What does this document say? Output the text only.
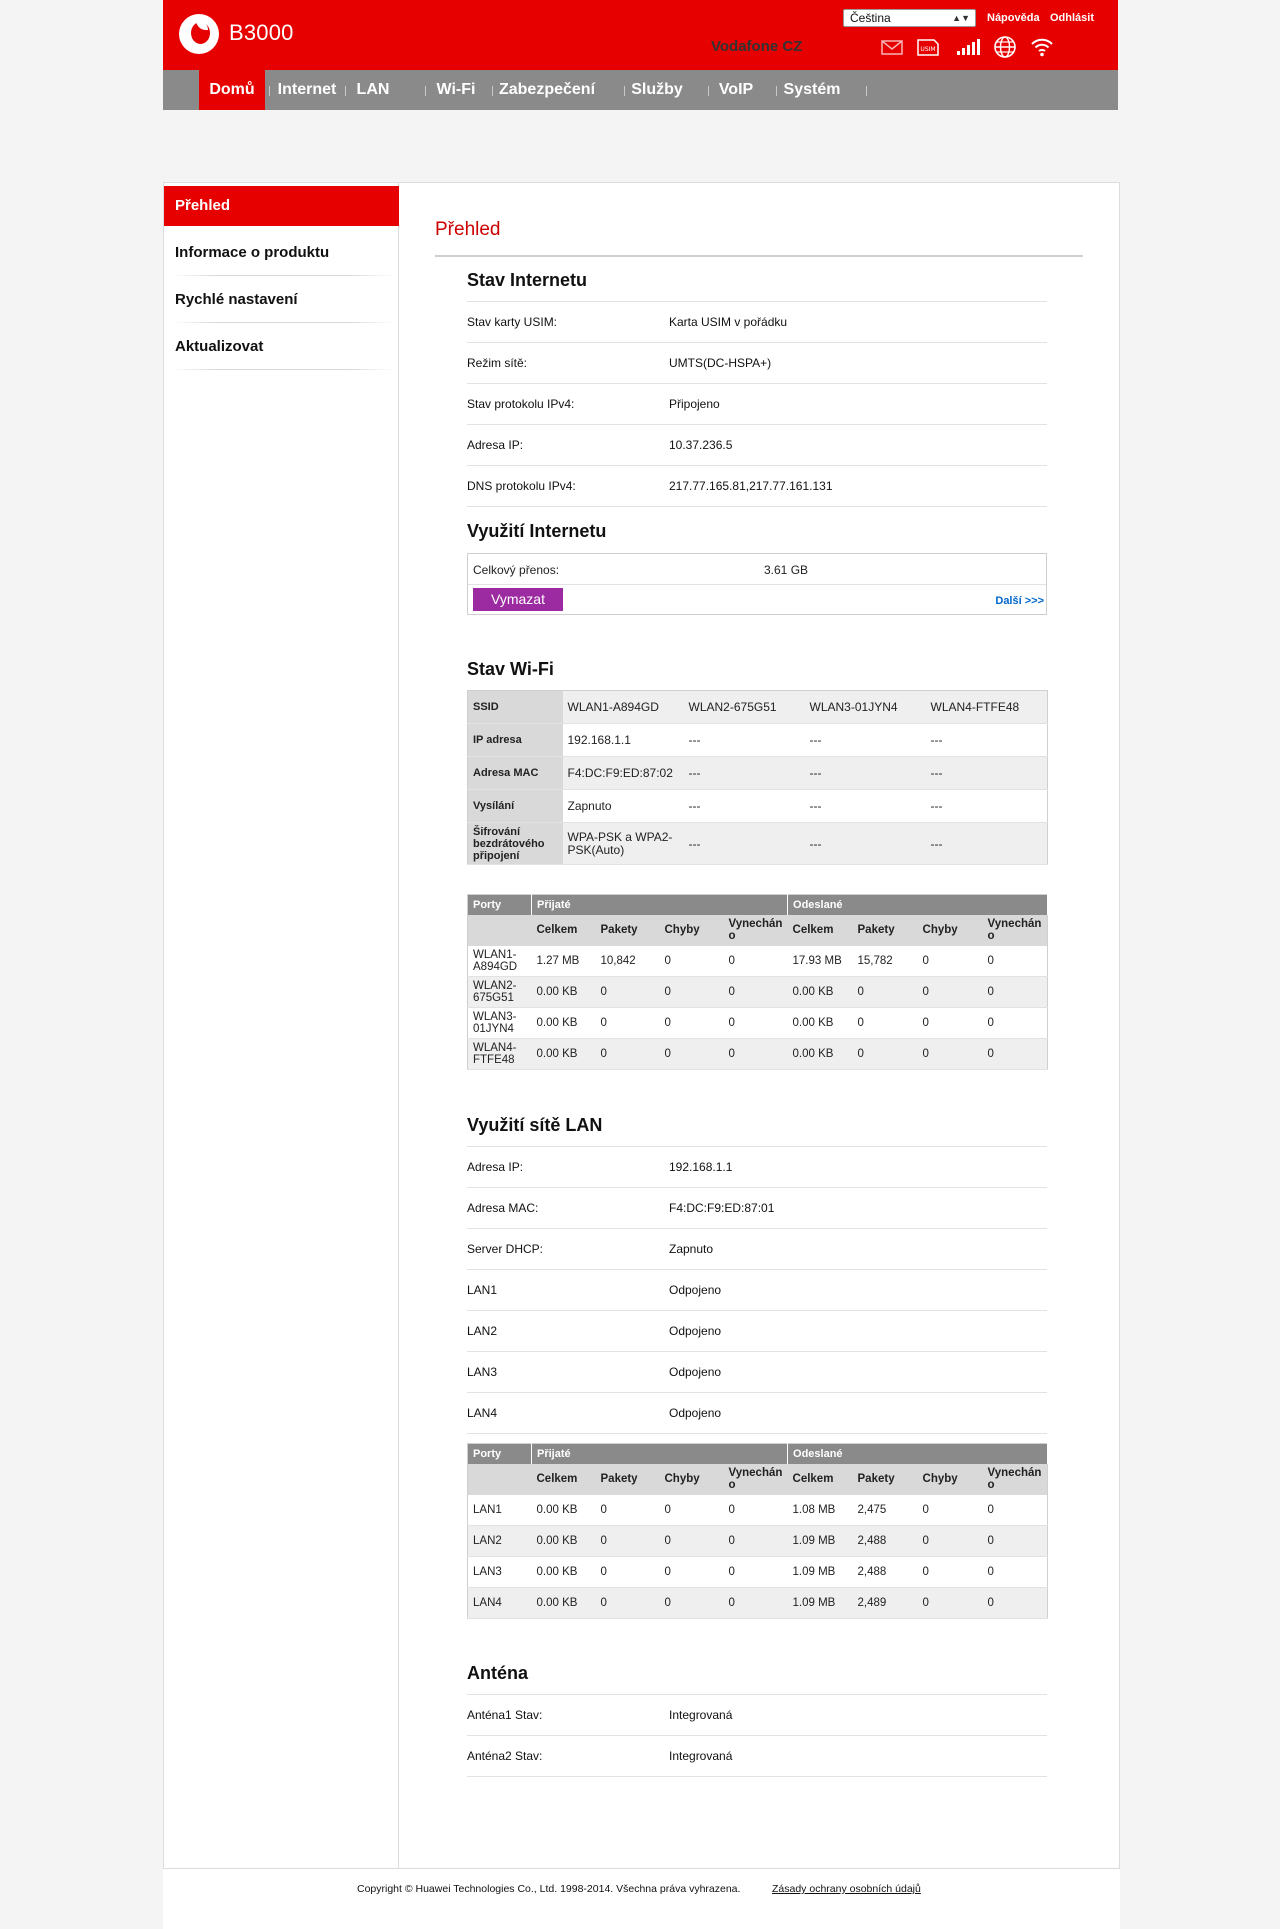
B3000
Čeština	▲▼ Nápověda Odhlásit
Vodafone CZ	USIM
Domů	Internet	LAN	Wi-Fi	Zabezpečení Služby	VoIP	Systém
Přehled
Informace o produktu
Rychlé nastavení
Aktualizovat
Přehled
Stav Internetu
Stav karty USIM:	Karta USIM v pořádku
Režim sítě:	UMTS(DC-HSPA+)
Stav protokolu IPv4:	Připojeno
Adresa IP:	10.37.236.5
DNS protokolu IPv4:	217.77.165.81,217.77.161.131
Využití Internetu
Celkový přenos:	3.61 GB
Vymazat	Další >>>
Stav Wi-Fi
SSID	WLAN1-A894GD	WLAN2-675G51	WLAN3-01JYN4	WLAN4-FTFE48
IP adresa	192.168.1.1	---	---	---
Adresa MAC	F4:DC:F9:ED:87:02	---	---	---
Vysílání	Zapnuto	---	---	---
Šifrování bezdrátového připojení	WPA-PSK a WPA2-PSK(Auto)	---	---	---
Porty	Přijaté				Odeslané			
	Celkem	Pakety	Chyby	Vynechán o	Celkem	Pakety	Chyby	Vynechán o
WLAN1-A894GD	1.27 MB	10,842	0	0	17.93 MB	15,782	0	0
WLAN2-675G51	0.00 KB	0	0	0	0.00 KB	0	0	0
WLAN3-01JYN4	0.00 KB	0	0	0	0.00 KB	0	0	0
WLAN4-FTFE48	0.00 KB	0	0	0	0.00 KB	0	0	0
Využití sítě LAN
Adresa IP:	192.168.1.1
Adresa MAC:	F4:DC:F9:ED:87:01
Server DHCP:	Zapnuto
LAN1	Odpojeno
LAN2	Odpojeno
LAN3	Odpojeno
LAN4	Odpojeno
Porty	Přijaté				Odeslané			
	Celkem	Pakety	Chyby	Vynechán o	Celkem	Pakety	Chyby	Vynechán o
LAN1	0.00 KB	0	0	0	1.08 MB	2,475	0	0
LAN2	0.00 KB	0	0	0	1.09 MB	2,488	0	0
LAN3	0.00 KB	0	0	0	1.09 MB	2,488	0	0
LAN4	0.00 KB	0	0	0	1.09 MB	2,489	0	0
Anténa
Anténa1 Stav:	Integrovaná
Anténa2 Stav:	Integrovaná
Copyright © Huawei Technologies Co., Ltd. 1998-2014. Všechna práva vyhrazena.	Zásady ochrany osobních údajů
